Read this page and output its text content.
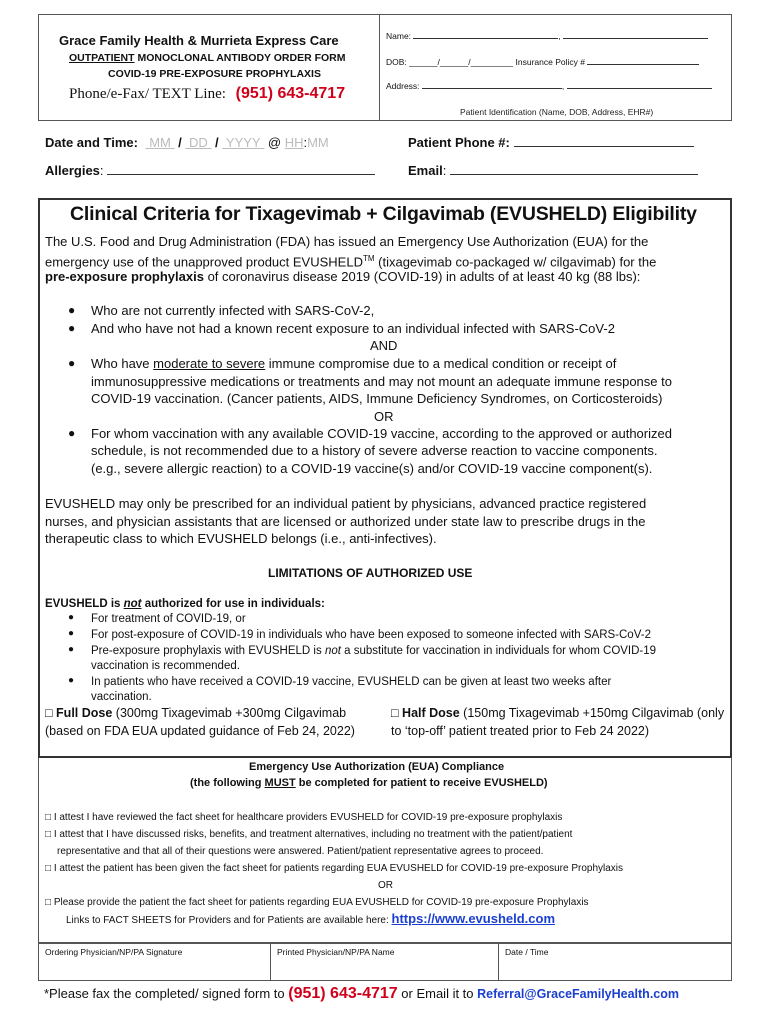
Grace Family Health & Murrieta Express Care
OUTPATIENT MONOCLONAL ANTIBODY ORDER FORM
COVID-19 PRE-EXPOSURE PROPHYLAXIS
Phone/e-Fax/ TEXT Line: (951) 643-4717
Name:	,
DOB: ______/______/_________ Insurance Policy #
Address:	,
Patient Identification (Name, DOB, Address, EHR#)
Date and Time: MM / DD / YYYY @ HH:MM	Patient Phone #:
Allergies:	Email:
Clinical Criteria for Tixagevimab + Cilgavimab (EVUSHELD) Eligibility
The U.S. Food and Drug Administration (FDA) has issued an Emergency Use Authorization (EUA) for the
emergency use of the unapproved product EVUSHELD™ (tixagevimab co-packaged w/ cilgavimab) for the
pre-exposure prophylaxis of coronavirus disease 2019 (COVID-19) in adults of at least 40 kg (88 lbs):
● Who are not currently infected with SARS-CoV-2,
● And who have not had a known recent exposure to an individual infected with SARS-CoV-2
AND
● Who have moderate to severe immune compromise due to a medical condition or receipt of
immunosuppressive medications or treatments and may not mount an adequate immune response to
COVID-19 vaccination. (Cancer patients, AIDS, Immune Deficiency Syndromes, on Corticosteroids)
OR
● For whom vaccination with any available COVID-19 vaccine, according to the approved or authorized
schedule, is not recommended due to a history of severe adverse reaction to vaccine components.
(e.g., severe allergic reaction) to a COVID-19 vaccine(s) and/or COVID-19 vaccine component(s).
EVUSHELD may only be prescribed for an individual patient by physicians, advanced practice registered
nurses, and physician assistants that are licensed or authorized under state law to prescribe drugs in the
therapeutic class to which EVUSHELD belongs (i.e., anti-infectives).
LIMITATIONS OF AUTHORIZED USE
EVUSHELD is not authorized for use in individuals:
● For treatment of COVID-19, or
● For post-exposure of COVID-19 in individuals who have been exposed to someone infected with SARS-CoV-2
● Pre-exposure prophylaxis with EVUSHELD is not a substitute for vaccination in individuals for whom COVID-19
vaccination is recommended.
● In patients who have received a COVID-19 vaccine, EVUSHELD can be given at least two weeks after
vaccination.
□ Full Dose (300mg Tixagevimab +300mg Cilgavimab
(based on FDA EUA updated guidance of Feb 24, 2022)
□ Half Dose (150mg Tixagevimab +150mg Cilgavimab (only
to ‘top-off’ patient treated prior to Feb 24 2022)
Emergency Use Authorization (EUA) Compliance
(the following MUST be completed for patient to receive EVUSHELD)
□ I attest I have reviewed the fact sheet for healthcare providers EVUSHELD for COVID-19 pre-exposure prophylaxis
□ I attest that I have discussed risks, benefits, and treatment alternatives, including no treatment with the patient/patient
representative and that all of their questions were answered. Patient/patient representative agrees to proceed.
□ I attest the patient has been given the fact sheet for patients regarding EUA EVUSHELD for COVID-19 pre-exposure Prophylaxis
OR
□ Please provide the patient the fact sheet for patients regarding EUA EVUSHELD for COVID-19 pre-exposure Prophylaxis
Links to FACT SHEETS for Providers and for Patients are available here: https://www.evusheld.com
Ordering Physician/NP/PA Signature	Printed Physician/NP/PA Name	Date / Time
*Please fax the completed/ signed form to (951) 643-4717 or Email it to Referral@GraceFamilyHealth.com
